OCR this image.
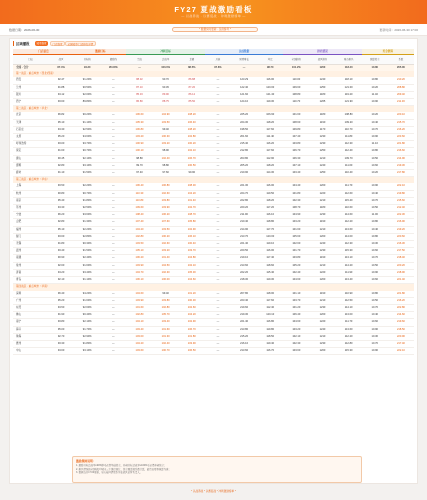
FY27 夏战激励看板
— 以战养战 · 以赛促战 · 冲刺激励榜单 —
数据日期：2026-06-30	* 数据实时更新 · 仅供参考 *	更新时间：2026-06-30 17:00
区域播报	城市维度	门店维度	全国城市/门店排名详情
门店信息		激励目标		冲刺目标			达成数据			排名情况			奖金测算	
门店	战区	目标值	激励线	完成	达成率	差额	月销	同期增长	环比	全国排名	战区排名	城市排名	测算奖金	系数
全国 · 合计	87.4%	94.30	95.00%	—	100.0%	88.5%	97.6%	—	98.70	101.2%	1200	118.40	10.80	205.00
第一战区 · 重点城市（西北/西南）														
西安	92.47	91.20%	—	88.32	90.70	86.88	—	123.29	116.00	110.00	1240	118.10	10.80	210.20
兰州	91.88	90.50%	—	87.10	90.45	87.20	—	122.40	120.00	109.60	1250	121.00	10.20	208.80
银川	94.12	92.00%	—	85.33	89.90	86.12	—	121.60	121.40	108.80	1180	119.20	11.40	209.40
西宁	93.60	89.80%	—	86.80	88.75	85.50	—	124.10	119.30	110.70	1265	121.90	10.90	211.30
第二战区 · 重点城市（华北）														
北京	96.82	90.20%	—	106.60	104.90	108.20	—	225.20	106.90	101.60	1180	108.80	10.20	220.10
天津	95.10	91.10%	—	105.30	103.50	106.40	—	224.30	118.20	108.60	1190	109.20	10.40	215.70
石家庄	94.30	92.50%	—	106.80	99.40	108.20	—	198.50	117.60	109.80	1170	110.70	10.70	216.20
太原	95.20	94.60%	—	103.20	100.30	102.80	—	201.60	111.40	107.40	1230	111.80	10.90	223.60
呼和浩特	93.00	93.70%	—	100.90	103.20	100.20	—	215.40	116.20	103.80	1230	112.30	11.10	221.80
保定	91.60	90.70%	—	100.10	98.90	102.10	—	212.80	117.60	106.70	1250	112.40	10.80	216.60
唐山	90.45	92.10%	—	98.80	102.40	106.70	—	203.80	112.90	106.30	1210	109.70	10.50	214.90
邯郸	92.80	93.10%	—	99.70	98.80	100.50	—	205.20	118.20	107.10	1240	111.60	10.60	219.30
廊坊	91.10	91.50%	—	97.40	97.60	99.90	—	210.90	114.30	103.40	1250	110.40	10.20	217.80
第三战区 · 重点城市（华东）														
上海	93.50	92.20%	—	106.40	106.80	108.30	—	221.30	116.00	104.40	1200	111.70	10.90	222.10
杭州	90.80	90.70%	—	110.30	102.60	104.20	—	224.70	119.50	101.80	1220	112.60	10.40	219.80
南京	95.40	91.80%	—	110.80	103.80	101.40	—	222.80	118.20	102.30	1210	115.40	10.70	215.60
苏州	94.30	92.50%	—	109.60	103.90	102.70	—	220.20	117.20	108.70	1180	110.60	10.50	212.40
宁波	96.20	93.60%	—	108.40	106.20	108.70	—	211.90	116.10	104.90	1230	114.60	11.00	222.30
合肥	92.80	91.30%	—	107.40	107.60	105.80	—	210.40	118.80	103.20	1190	112.20	10.80	216.90
福州	95.10	92.20%	—	104.20	103.50	102.90	—	214.90	117.70	101.60	1210	113.60	10.40	219.20
厦门	93.60	92.80%	—	102.80	100.20	106.10	—	213.70	120.00	105.60	1200	114.00	10.80	220.60
无锡	91.80	90.30%	—	103.50	102.60	100.40	—	221.40	119.10	102.60	1240	112.30	10.30	216.30
温州	93.40	91.50%	—	105.10	103.20	103.70	—	220.50	116.00	101.70	1230	115.30	10.60	217.50
南通	90.90	92.40%	—	106.20	101.40	104.80	—	219.10	117.40	103.80	1190	113.10	10.70	218.40
常州	92.60	91.60%	—	103.90	104.50	102.10	—	213.60	118.60	105.20	1210	114.20	10.50	220.20
济南	94.20	93.40%	—	104.70	102.30	105.30	—	222.20	115.40	102.40	1220	111.90	10.90	218.90
青岛	92.10	91.10%	—	106.10	106.00	104.60	—	218.30	119.30	104.60	1200	113.40	10.60	221.40
第四战区 · 重点城市（华南）														
深圳	96.40	94.20%	—	104.60	99.40	101.20	—	207.80	118.00	101.10	1190	110.90	10.80	221.80
广州	95.20	91.60%	—	103.90	103.80	100.30	—	223.40	117.60	103.70	1210	112.50	10.50	216.20
东莞	94.50	92.60%	—	101.60	102.80	102.60	—	219.60	112.40	101.20	1230	114.10	10.70	222.80
佛山	91.90	90.40%	—	102.80	105.70	104.20	—	219.30	120.10	106.40	1200	113.00	10.40	214.60
南宁	93.80	92.10%	—	104.10	103.40	102.90	—	221.40	116.80	104.60	1220	111.70	10.60	219.60
海口	95.00	91.70%	—	103.40	101.60	106.70	—	213.80	119.80	103.20	1240	113.60	10.90	218.50
珠海	92.70	92.90%	—	103.00	101.30	101.80	—	215.20	118.50	102.10	1210	112.20	10.30	220.90
惠州	93.30	91.80%	—	104.20	102.40	103.90	—	216.10	119.40	102.30	1230	112.80	10.70	217.40
中山	94.60	93.10%	—	103.60	100.70	106.50	—	213.60	116.70	103.60	1200	115.30	10.90	222.10
激励规则说明：
1. 激励目标达成率≥90%即可获得基础奖金，冲刺目标达成率≥100%可获得冲刺奖金；
2. 排名情况按全国/战区/城市三个维度统计，奖金测算按系数计算，最终以财务核算为准；
3. 数据每日17:00更新，如有疑问请联系所在战区运营负责人。
* 以战养战 * 以赛促战 * 冲刺激励榜单 *
